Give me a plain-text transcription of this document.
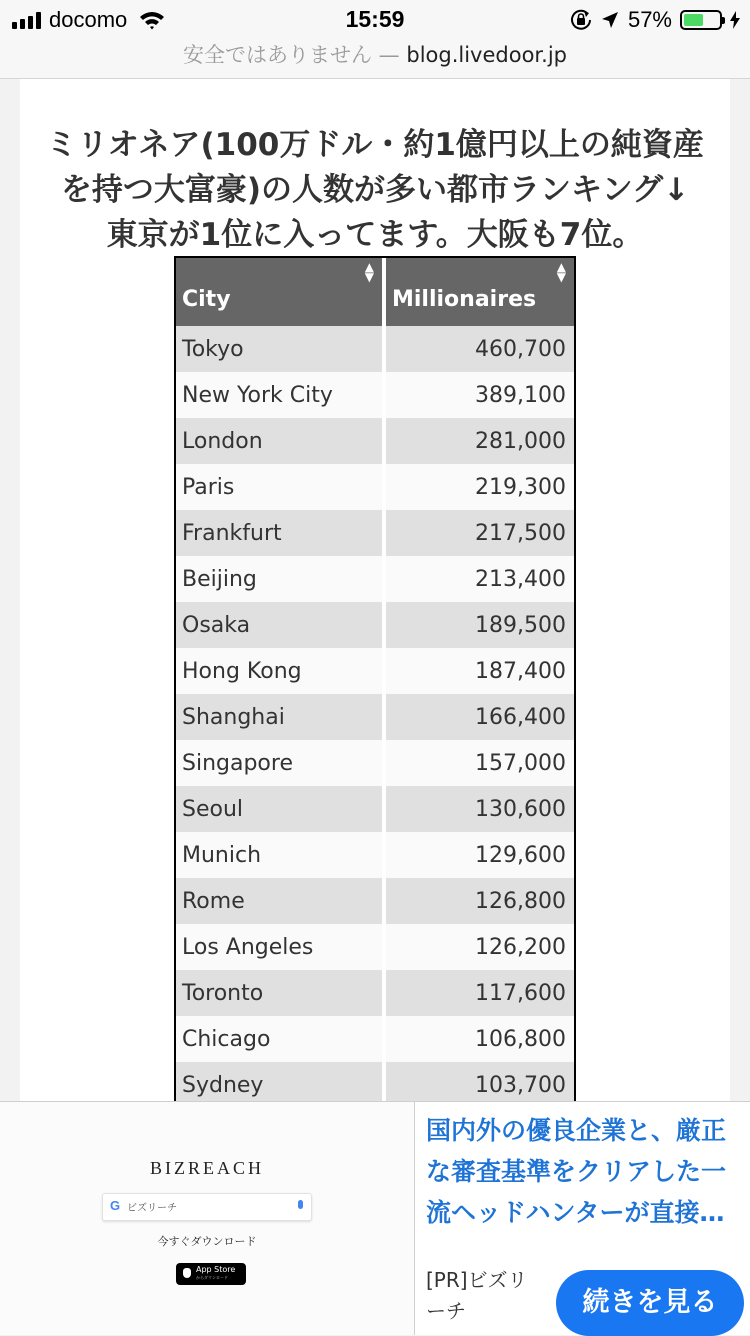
docomo	15:59	57%
安全ではありません — blog.livedoor.jp
ミリオネア(100万ドル・約1億円以上の純資産
を持つ大富豪)の人数が多い都市ランキング↓
東京が1位に入ってます。大阪も7位。
City
▲
▼	Millionaires
▲
▼

Tokyo	460,700
New York City	389,100
London	281,000
Paris	219,300
Frankfurt	217,500
Beijing	213,400
Osaka	189,500
Hong Kong	187,400
Shanghai	166,400
Singapore	157,000
Seoul	130,600
Munich	129,600
Rome	126,800
Los Angeles	126,200
Toronto	117,600
Chicago	106,800
Sydney	103,700
BIZREACH
G ビズリーチ
今すぐダウンロード
App Store
からダウンロード
国内外の優良企業と、厳正な審査基準をクリアした一流ヘッドハンターが直接…
[PR]ビズリーチ	続きを見る
